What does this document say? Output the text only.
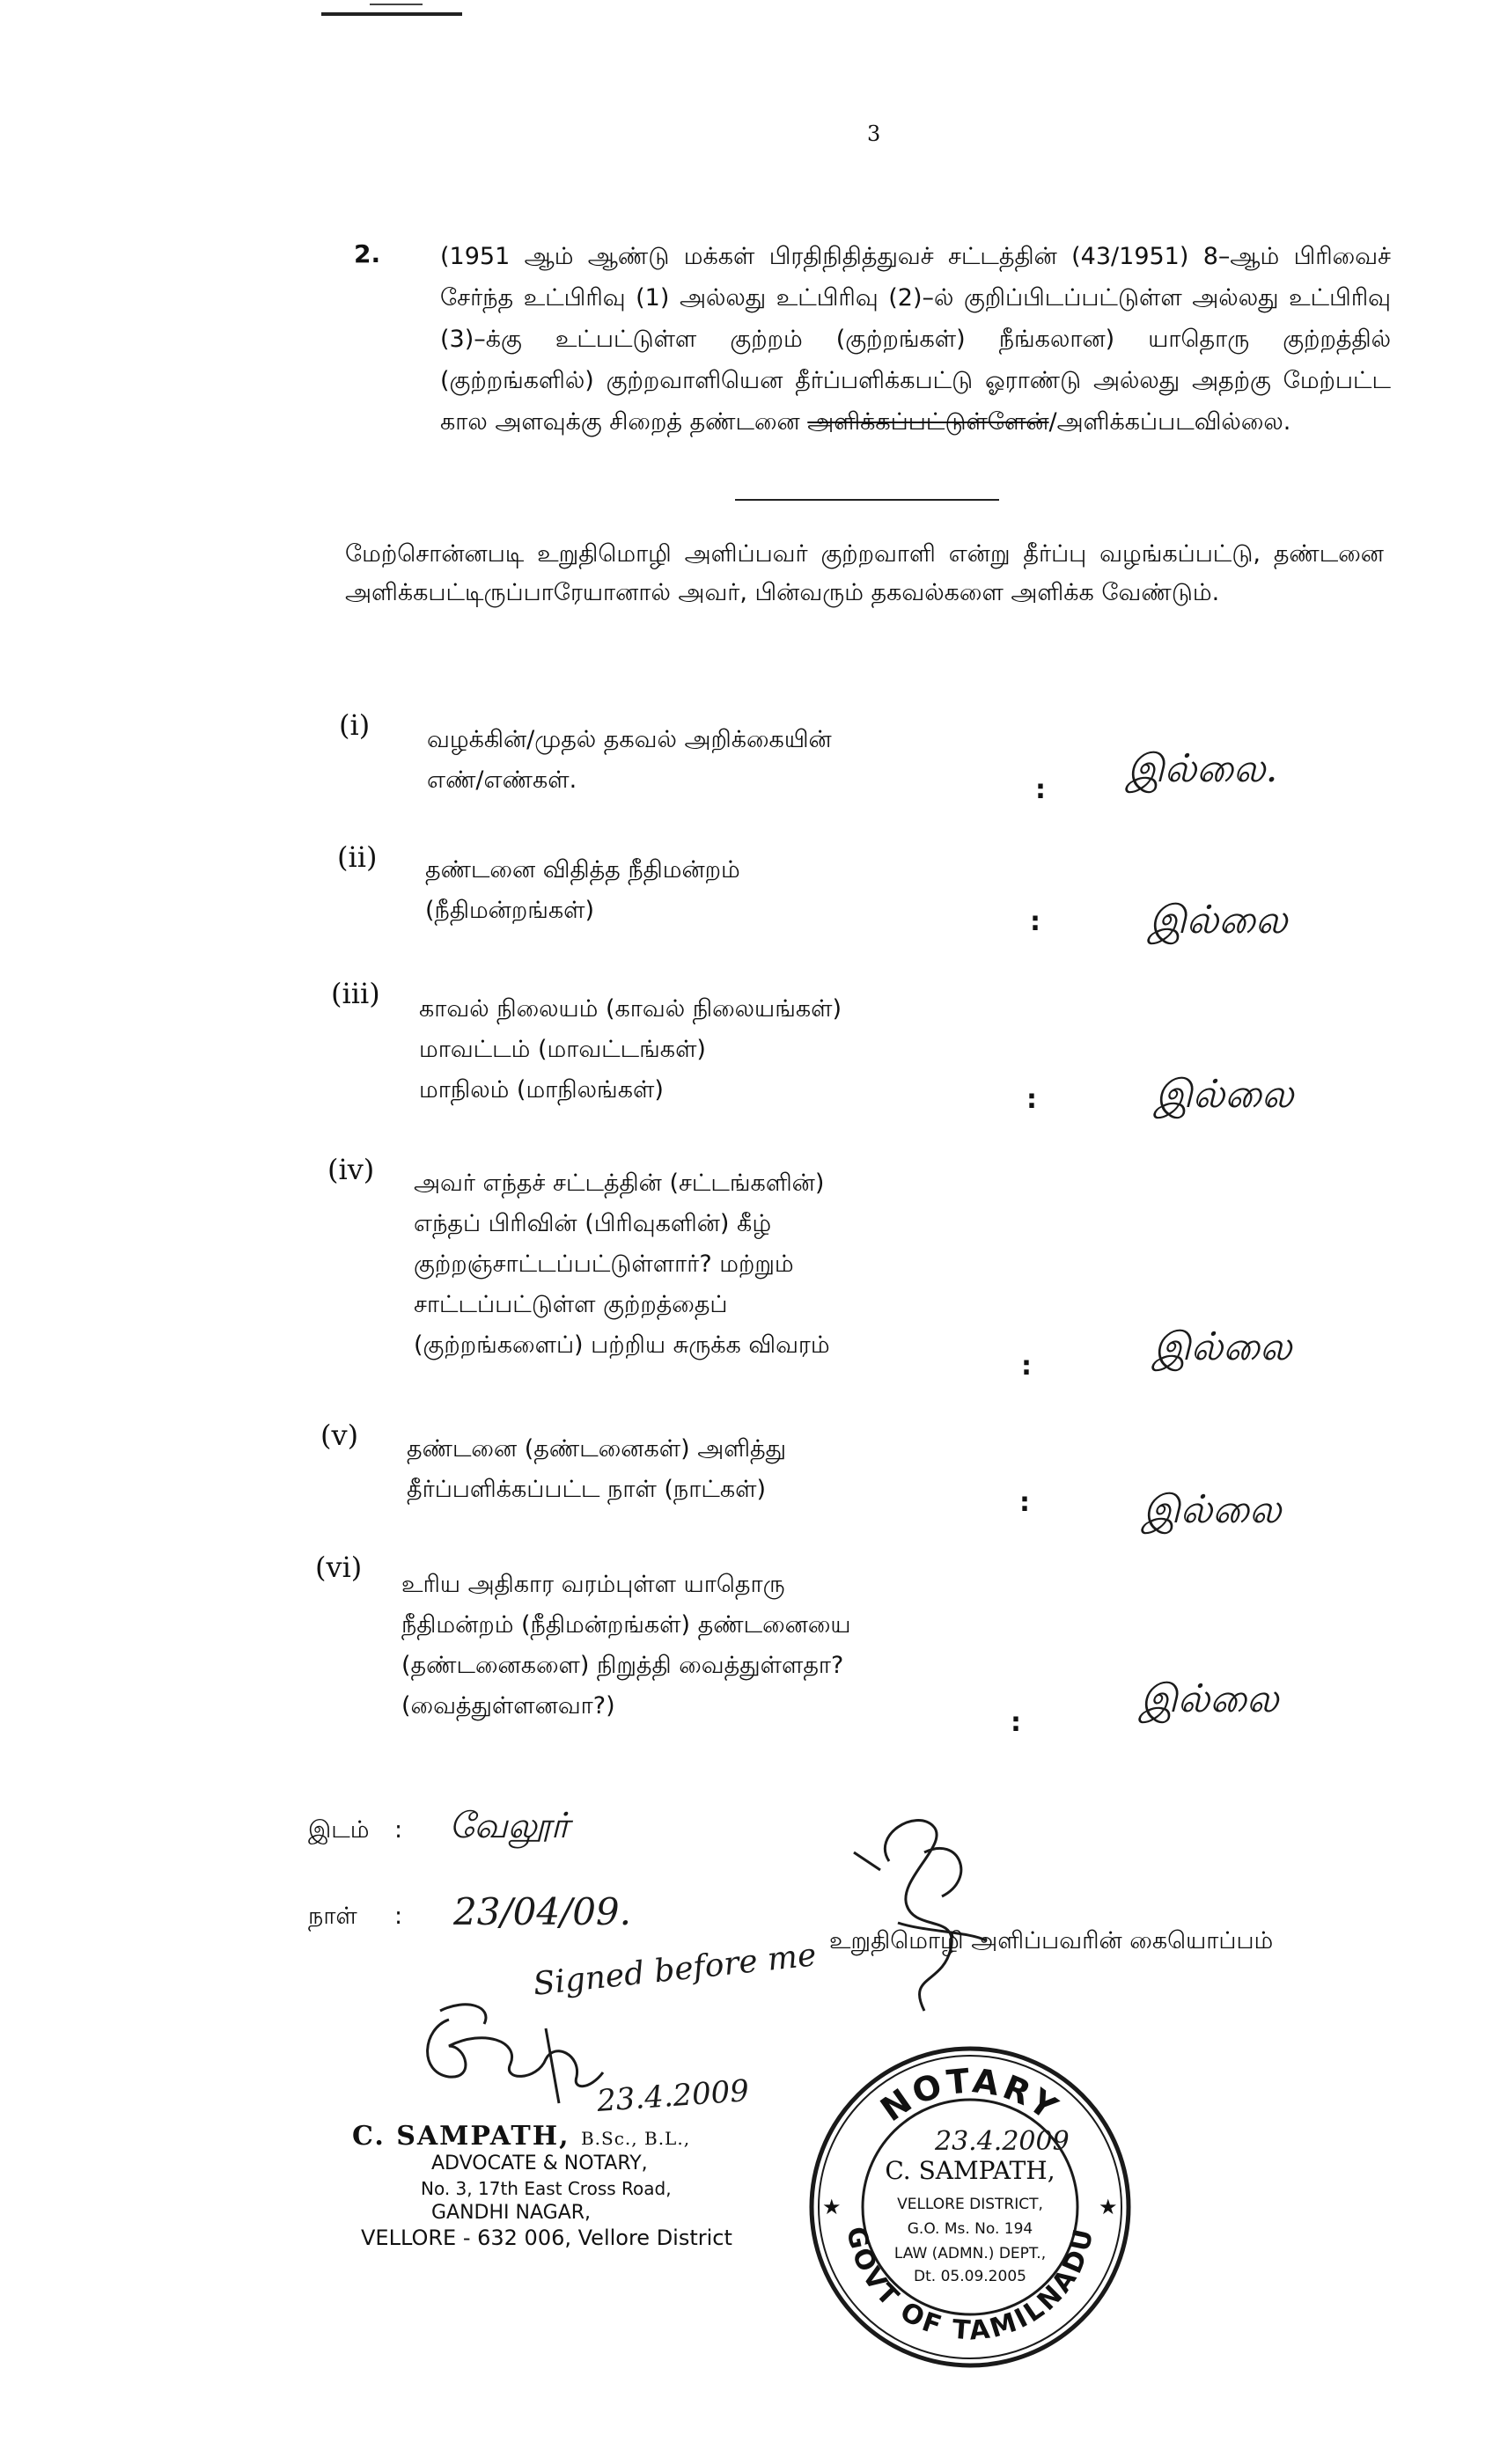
3
2.	(1951 ஆம் ஆண்டு மக்கள் பிரதிநிதித்துவச் சட்டத்தின் (43/1951) 8–ஆம் பிரிவைச் சேர்ந்த உட்பிரிவு (1) அல்லது உட்பிரிவு (2)–ல் குறிப்பிடப்பட்டுள்ள அல்லது உட்பிரிவு (3)–க்கு உட்பட்டுள்ள குற்றம் (குற்றங்கள்) நீங்கலான) யாதொரு குற்றத்தில் (குற்றங்களில்) குற்றவாளியென தீர்ப்பளிக்கபட்டு ஓராண்டு அல்லது அதற்கு மேற்பட்ட கால அளவுக்கு சிறைத் தண்டனை அளிக்கப்பட்டுள்ளேன்/அளிக்கப்படவில்லை.
மேற்சொன்னபடி உறுதிமொழி அளிப்பவர் குற்றவாளி என்று தீர்ப்பு வழங்கப்பட்டு, தண்டனை அளிக்கபட்டிருப்பாரேயானால் அவர், பின்வரும் தகவல்களை அளிக்க வேண்டும்.
(i) வழக்கின்/முதல் தகவல் அறிக்கையின்
எண்/எண்கள்.	: இல்லை.
(ii) தண்டனை விதித்த நீதிமன்றம்
(நீதிமன்றங்கள்)	:	இல்லை
(iii) காவல் நிலையம் (காவல் நிலையங்கள்)
மாவட்டம் (மாவட்டங்கள்)
மாநிலம் (மாநிலங்கள்)	:	இல்லை
(iv) அவர் எந்தச் சட்டத்தின் (சட்டங்களின்)
எந்தப் பிரிவின் (பிரிவுகளின்) கீழ்
குற்றஞ்சாட்டப்பட்டுள்ளார்? மற்றும்
சாட்டப்பட்டுள்ள குற்றத்தைப்
(குற்றங்களைப்) பற்றிய சுருக்க விவரம்
:	இல்லை
(v) தண்டனை (தண்டனைகள்) அளித்து
தீர்ப்பளிக்கப்பட்ட நாள் (நாட்கள்)	:	இல்லை
(vi)
உரிய அதிகார வரம்புள்ள யாதொரு
நீதிமன்றம் (நீதிமன்றங்கள்) தண்டனையை
(தண்டனைகளை) நிறுத்தி வைத்துள்ளதா?
(வைத்துள்ளனவா?)
:
இல்லை
இடம் : வேலூர்
நாள் : 23/04/09.
உறுதிமொழி அளிப்பவரின் கையொப்பம்
Signed before me
23.4.2009
C. SAMPATH, B.Sc., B.L.,
ADVOCATE & NOTARY,
No. 3, 17th East Cross Road,
GANDHI NAGAR,
VELLORE - 632 006, Vellore District
NOTARY
GOVT OF TAMILNADU
★	★
C. SAMPATH,
VELLORE DISTRICT,
G.O. Ms. No. 194
LAW (ADMN.) DEPT.,
Dt. 05.09.2005
23.4.2009
